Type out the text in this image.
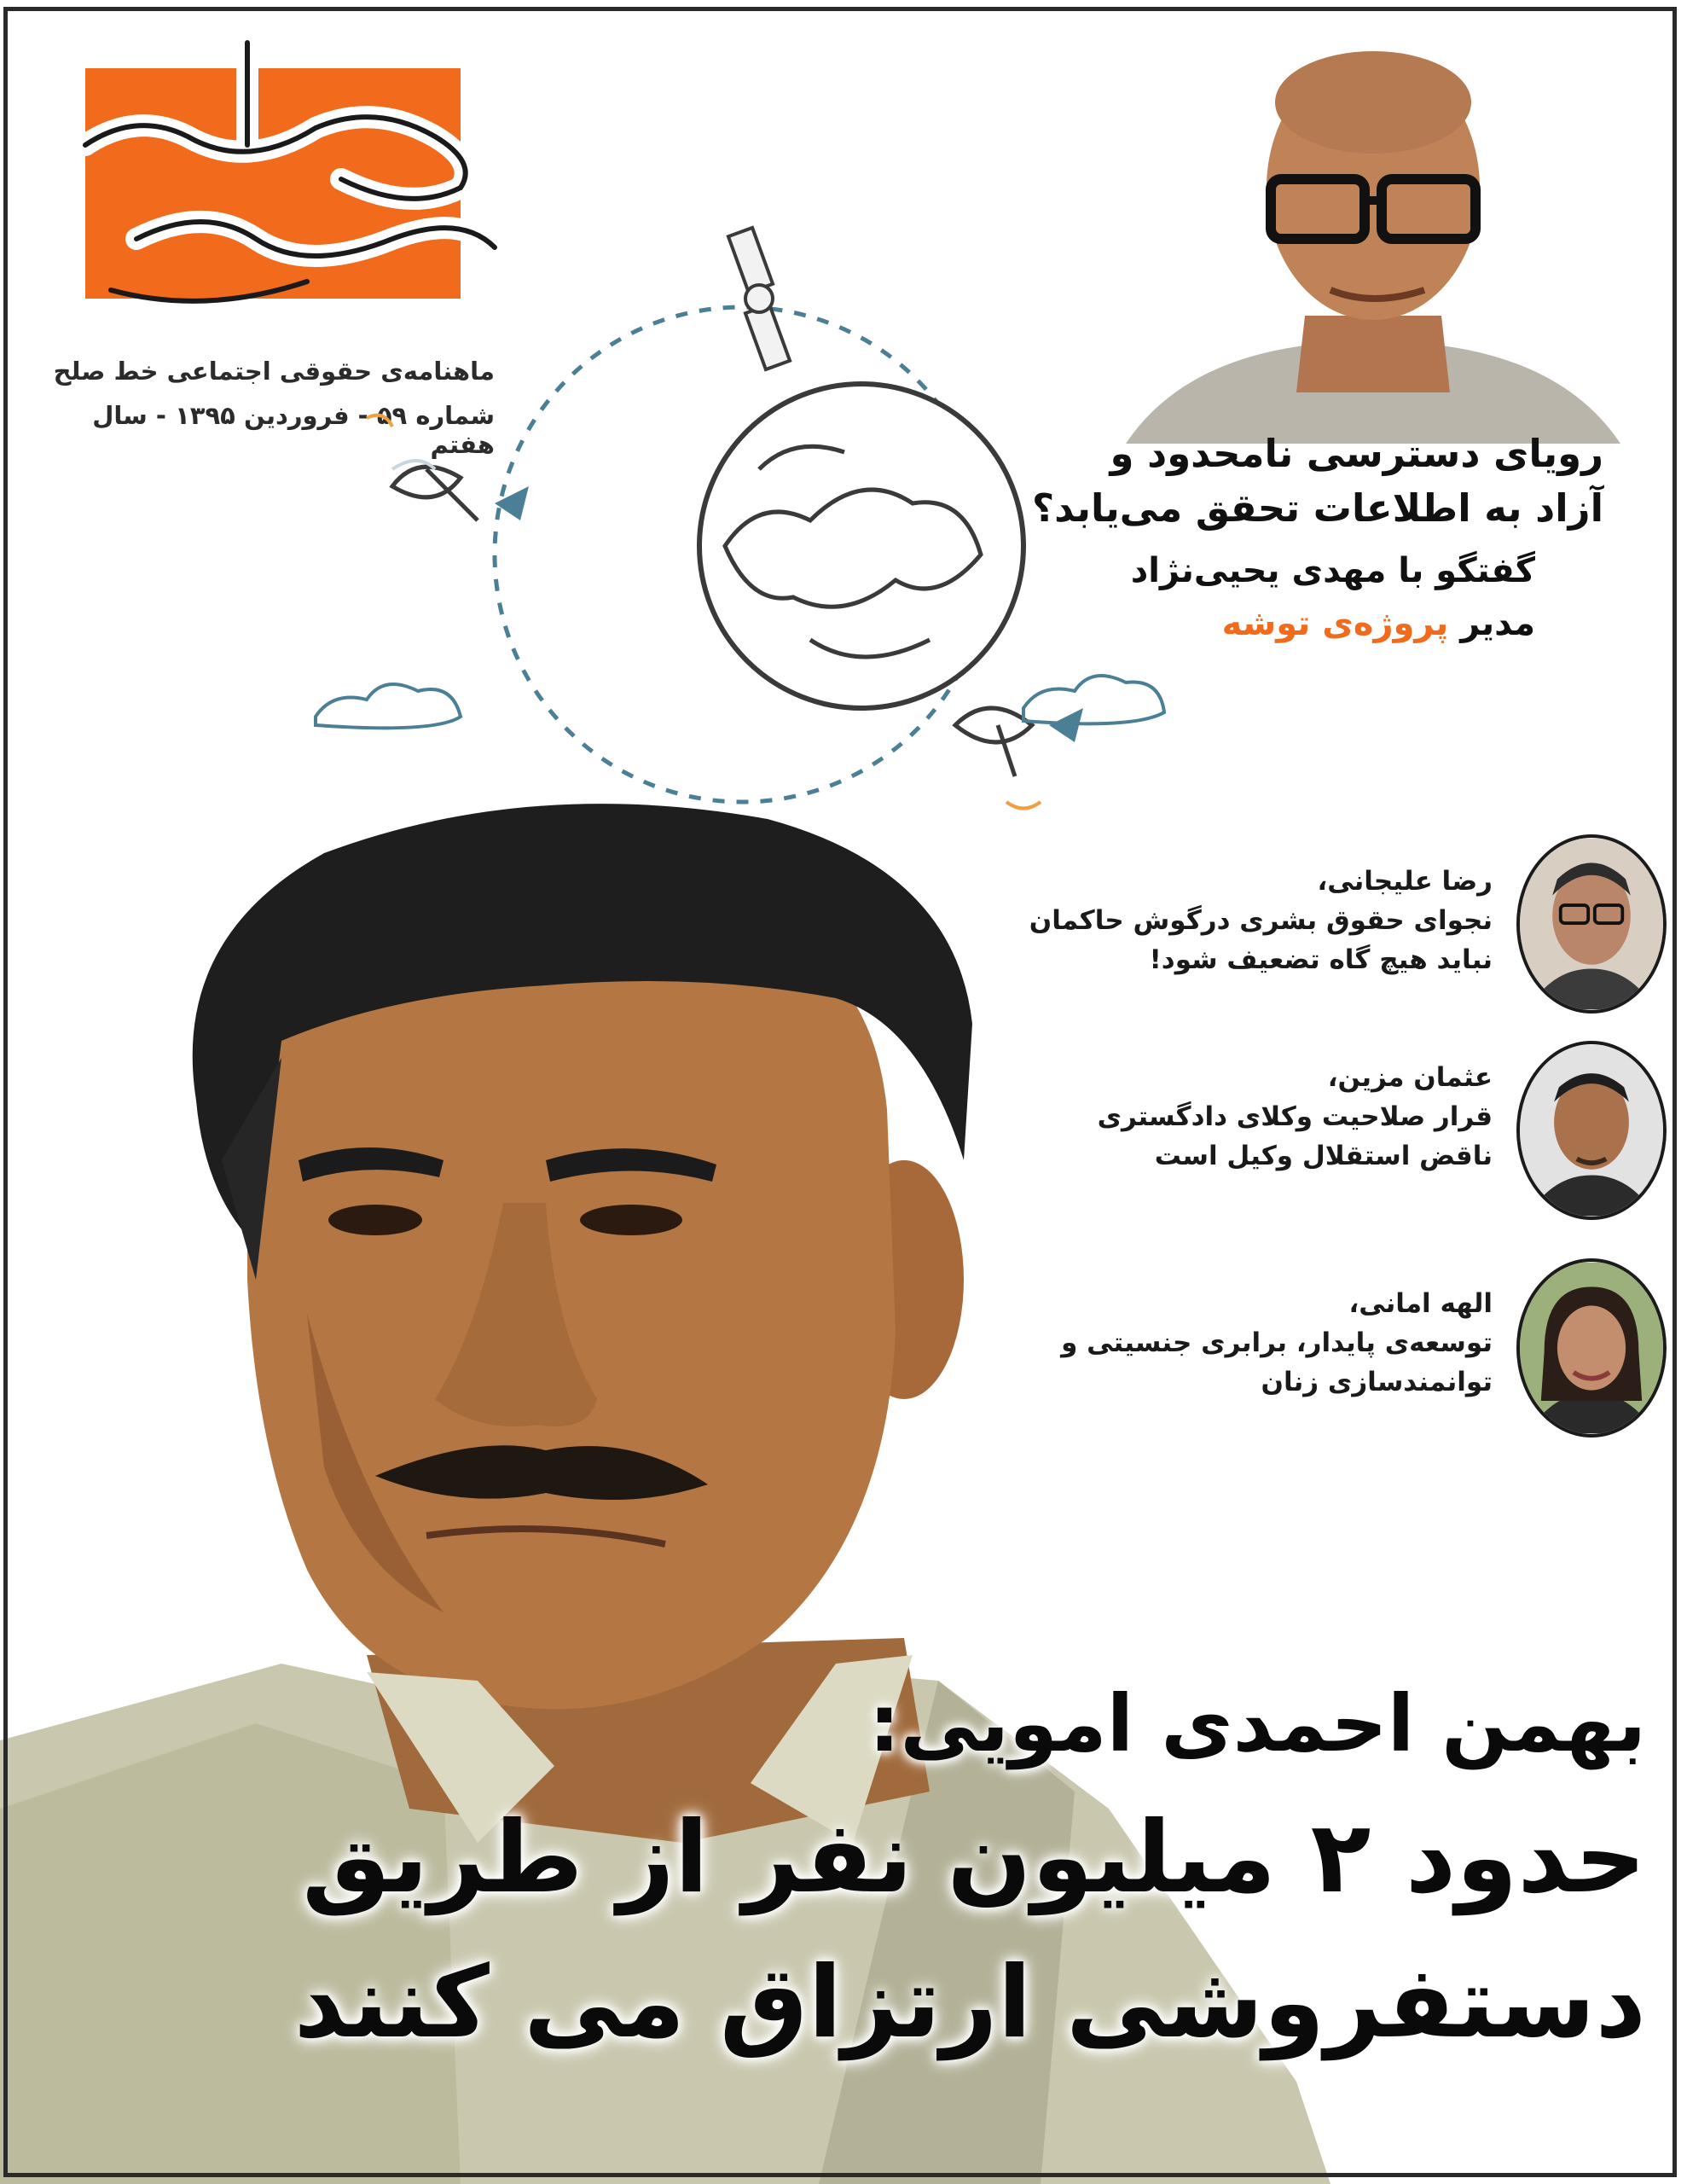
ماهنامه‌ی حقوقی اجتماعی خط صلح
شماره ۵۹ - فروردین ۱۳۹۵ - سال هفتم	رویای دسترسی نامحدود و
آزاد به اطلاعات تحقق می‌یابد؟
گفتگو با مهدی یحیی‌نژاد
مدیر پروژه‌ی توشه
رضا علیجانی،
نجوای حقوق بشری درگوش حاکمان
نباید هیچ گاه تضعیف شود!
عثمان مزین،
قرار صلاحیت وکلای دادگستری
ناقض استقلال وکیل است
الهه امانی،
توسعه‌ی پایدار، برابری جنسیتی و
توانمندسازی زنان
بهمن احمدی امویی:
حدود ۲ میلیون نفر از طریق
دستفروشی ارتزاق می کنند
